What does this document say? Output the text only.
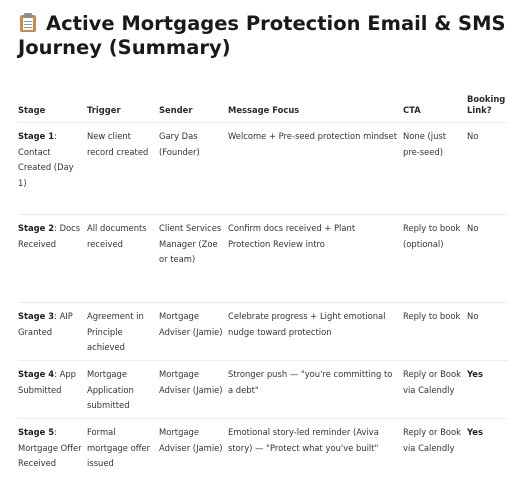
Active Mortgages Protection Email & SMS Journey (Summary)
Stage	Trigger	Sender	Message Focus	CTA	Booking Link?
Stage 1: Contact Created (Day 1)	New client record created	Gary Das (Founder)	Welcome + Pre-seed protection mindset	None (just pre-seed)	No
Stage 2: Docs Received	All documents received	Client Services Manager (Zoe or team)	Confirm docs received + Plant Protection Review intro	Reply to book (optional)	No
Stage 3: AIP Granted	Agreement in Principle achieved	Mortgage Adviser (Jamie)	Celebrate progress + Light emotional nudge toward protection	Reply to book	No
Stage 4: App Submitted	Mortgage Application submitted	Mortgage Adviser (Jamie)	Stronger push — "you're committing to a debt"	Reply or Book via Calendly	Yes
Stage 5: Mortgage Offer Received	Formal mortgage offer issued	Mortgage Adviser (Jamie)	Emotional story-led reminder (Aviva story) — "Protect what you've built"	Reply or Book via Calendly	Yes
